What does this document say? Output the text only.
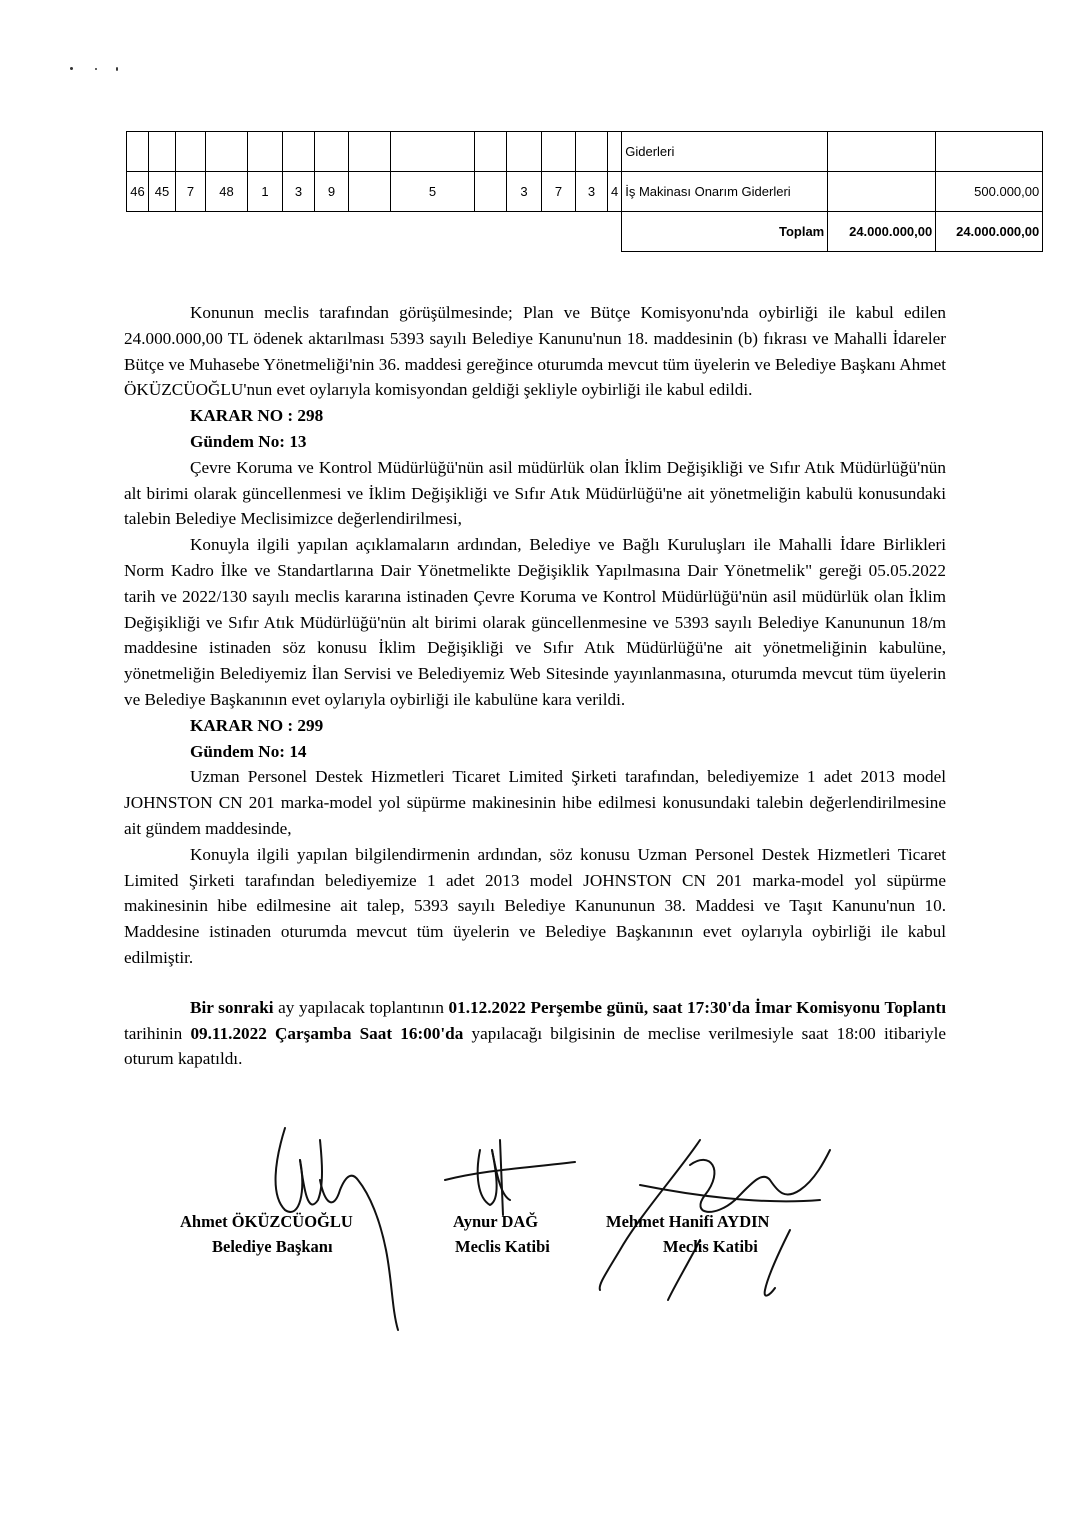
														Giderleri		
46	45	7	48	1	3	9		5		3	7	3	4	İş Makinası Onarım Giderleri		500.000,00
														Toplam	24.000.000,00	24.000.000,00

Konunun meclis tarafından görüşülmesinde; Plan ve Bütçe Komisyonu'nda oybirliği ile kabul edilen 24.000.000,00 TL ödenek aktarılması 5393 sayılı Belediye Kanunu'nun 18. maddesinin (b) fıkrası ve Mahalli İdareler Bütçe ve Muhasebe Yönetmeliği'nin 36. maddesi gereğince oturumda mevcut tüm üyelerin ve Belediye Başkanı Ahmet ÖKÜZCÜOĞLU'nun evet oylarıyla komisyondan geldiği şekliyle oybirliği ile kabul edildi.

KARAR NO : 298

Gündem No: 13

Çevre Koruma ve Kontrol Müdürlüğü'nün asil müdürlük olan İklim Değişikliği ve Sıfır Atık Müdürlüğü'nün alt birimi olarak güncellenmesi ve İklim Değişikliği ve Sıfır Atık Müdürlüğü'ne ait yönetmeliğin kabulü konusundaki talebin Belediye Meclisimizce değerlendirilmesi,

Konuyla ilgili yapılan açıklamaların ardından, Belediye ve Bağlı Kuruluşları ile Mahalli İdare Birlikleri Norm Kadro İlke ve Standartlarına Dair Yönetmelikte Değişiklik Yapılmasına Dair Yönetmelik" gereği 05.05.2022 tarih ve 2022/130 sayılı meclis kararına istinaden Çevre Koruma ve Kontrol Müdürlüğü'nün asil müdürlük olan İklim Değişikliği ve Sıfır Atık Müdürlüğü'nün alt birimi olarak güncellenmesine ve 5393 sayılı Belediye Kanununun 18/m maddesine istinaden söz konusu İklim Değişikliği ve Sıfır Atık Müdürlüğü'ne ait yönetmeliğinin kabulüne, yönetmeliğin Belediyemiz İlan Servisi ve Belediyemiz Web Sitesinde yayınlanmasına, oturumda mevcut tüm üyelerin ve Belediye Başkanının evet oylarıyla oybirliği ile kabulüne kara verildi.

KARAR NO : 299

Gündem No: 14

Uzman Personel Destek Hizmetleri Ticaret Limited Şirketi tarafından, belediyemize 1 adet 2013 model JOHNSTON CN 201 marka-model yol süpürme makinesinin hibe edilmesi konusundaki talebin değerlendirilmesine ait gündem maddesinde,

Konuyla ilgili yapılan bilgilendirmenin ardından, söz konusu Uzman Personel Destek Hizmetleri Ticaret Limited Şirketi tarafından belediyemize 1 adet 2013 model JOHNSTON CN 201 marka-model yol süpürme makinesinin hibe edilmesine ait talep, 5393 sayılı Belediye Kanununun 38. Maddesi ve Taşıt Kanunu'nun 10. Maddesine istinaden oturumda mevcut tüm üyelerin ve Belediye Başkanının evet oylarıyla oybirliği ile kabul edilmiştir.

Bir sonraki ay yapılacak toplantının 01.12.2022 Perşembe günü, saat 17:30'da İmar Komisyonu Toplantı tarihinin 09.11.2022 Çarşamba Saat 16:00'da yapılacağı bilgisinin de meclise verilmesiyle saat 18:00 itibariyle oturum kapatıldı.

Ahmet ÖKÜZCÜOĞLU
Belediye Başkanı
Aynur DAĞ
Meclis Katibi
Mehmet Hanifi AYDIN
Meclis Katibi
